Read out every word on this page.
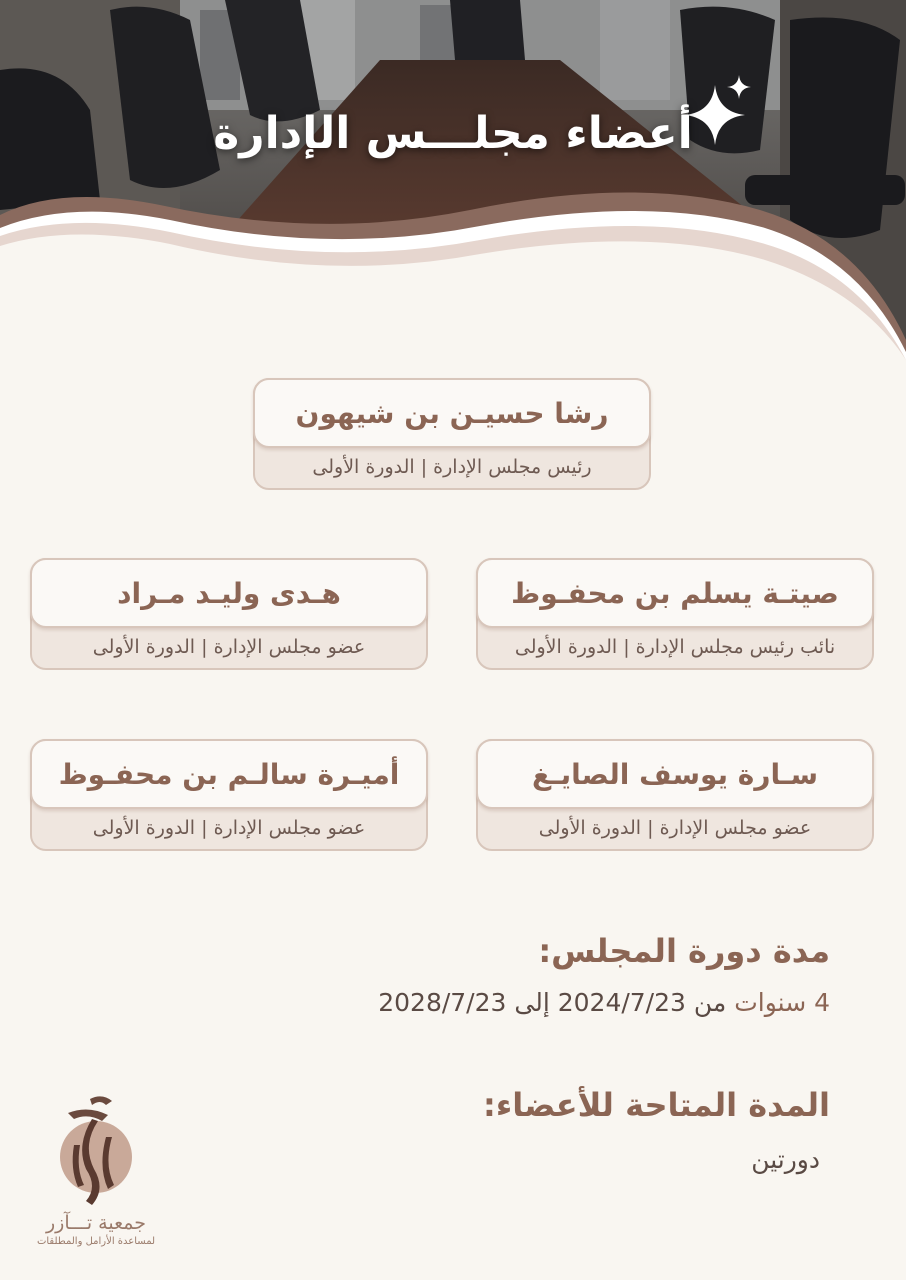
أعضاء مجلـــس الإدارة
رشا حسيـن بن شيهون
رئيس مجلس الإدارة | الدورة الأولى
صيتـة يسلم بن محفـوظ
نائب رئيس مجلس الإدارة | الدورة الأولى
هـدى وليـد مـراد
عضو مجلس الإدارة | الدورة الأولى
سـارة يوسف الصايـغ
عضو مجلس الإدارة | الدورة الأولى
أميـرة سالـم بن محفـوظ
عضو مجلس الإدارة | الدورة الأولى
مدة دورة المجلس:
4 سنوات من 2024/7/23 إلى 2028/7/23
المدة المتاحة للأعضاء:
دورتين
جمعية تـــآزر
لمساعدة الأرامل والمطلقات
